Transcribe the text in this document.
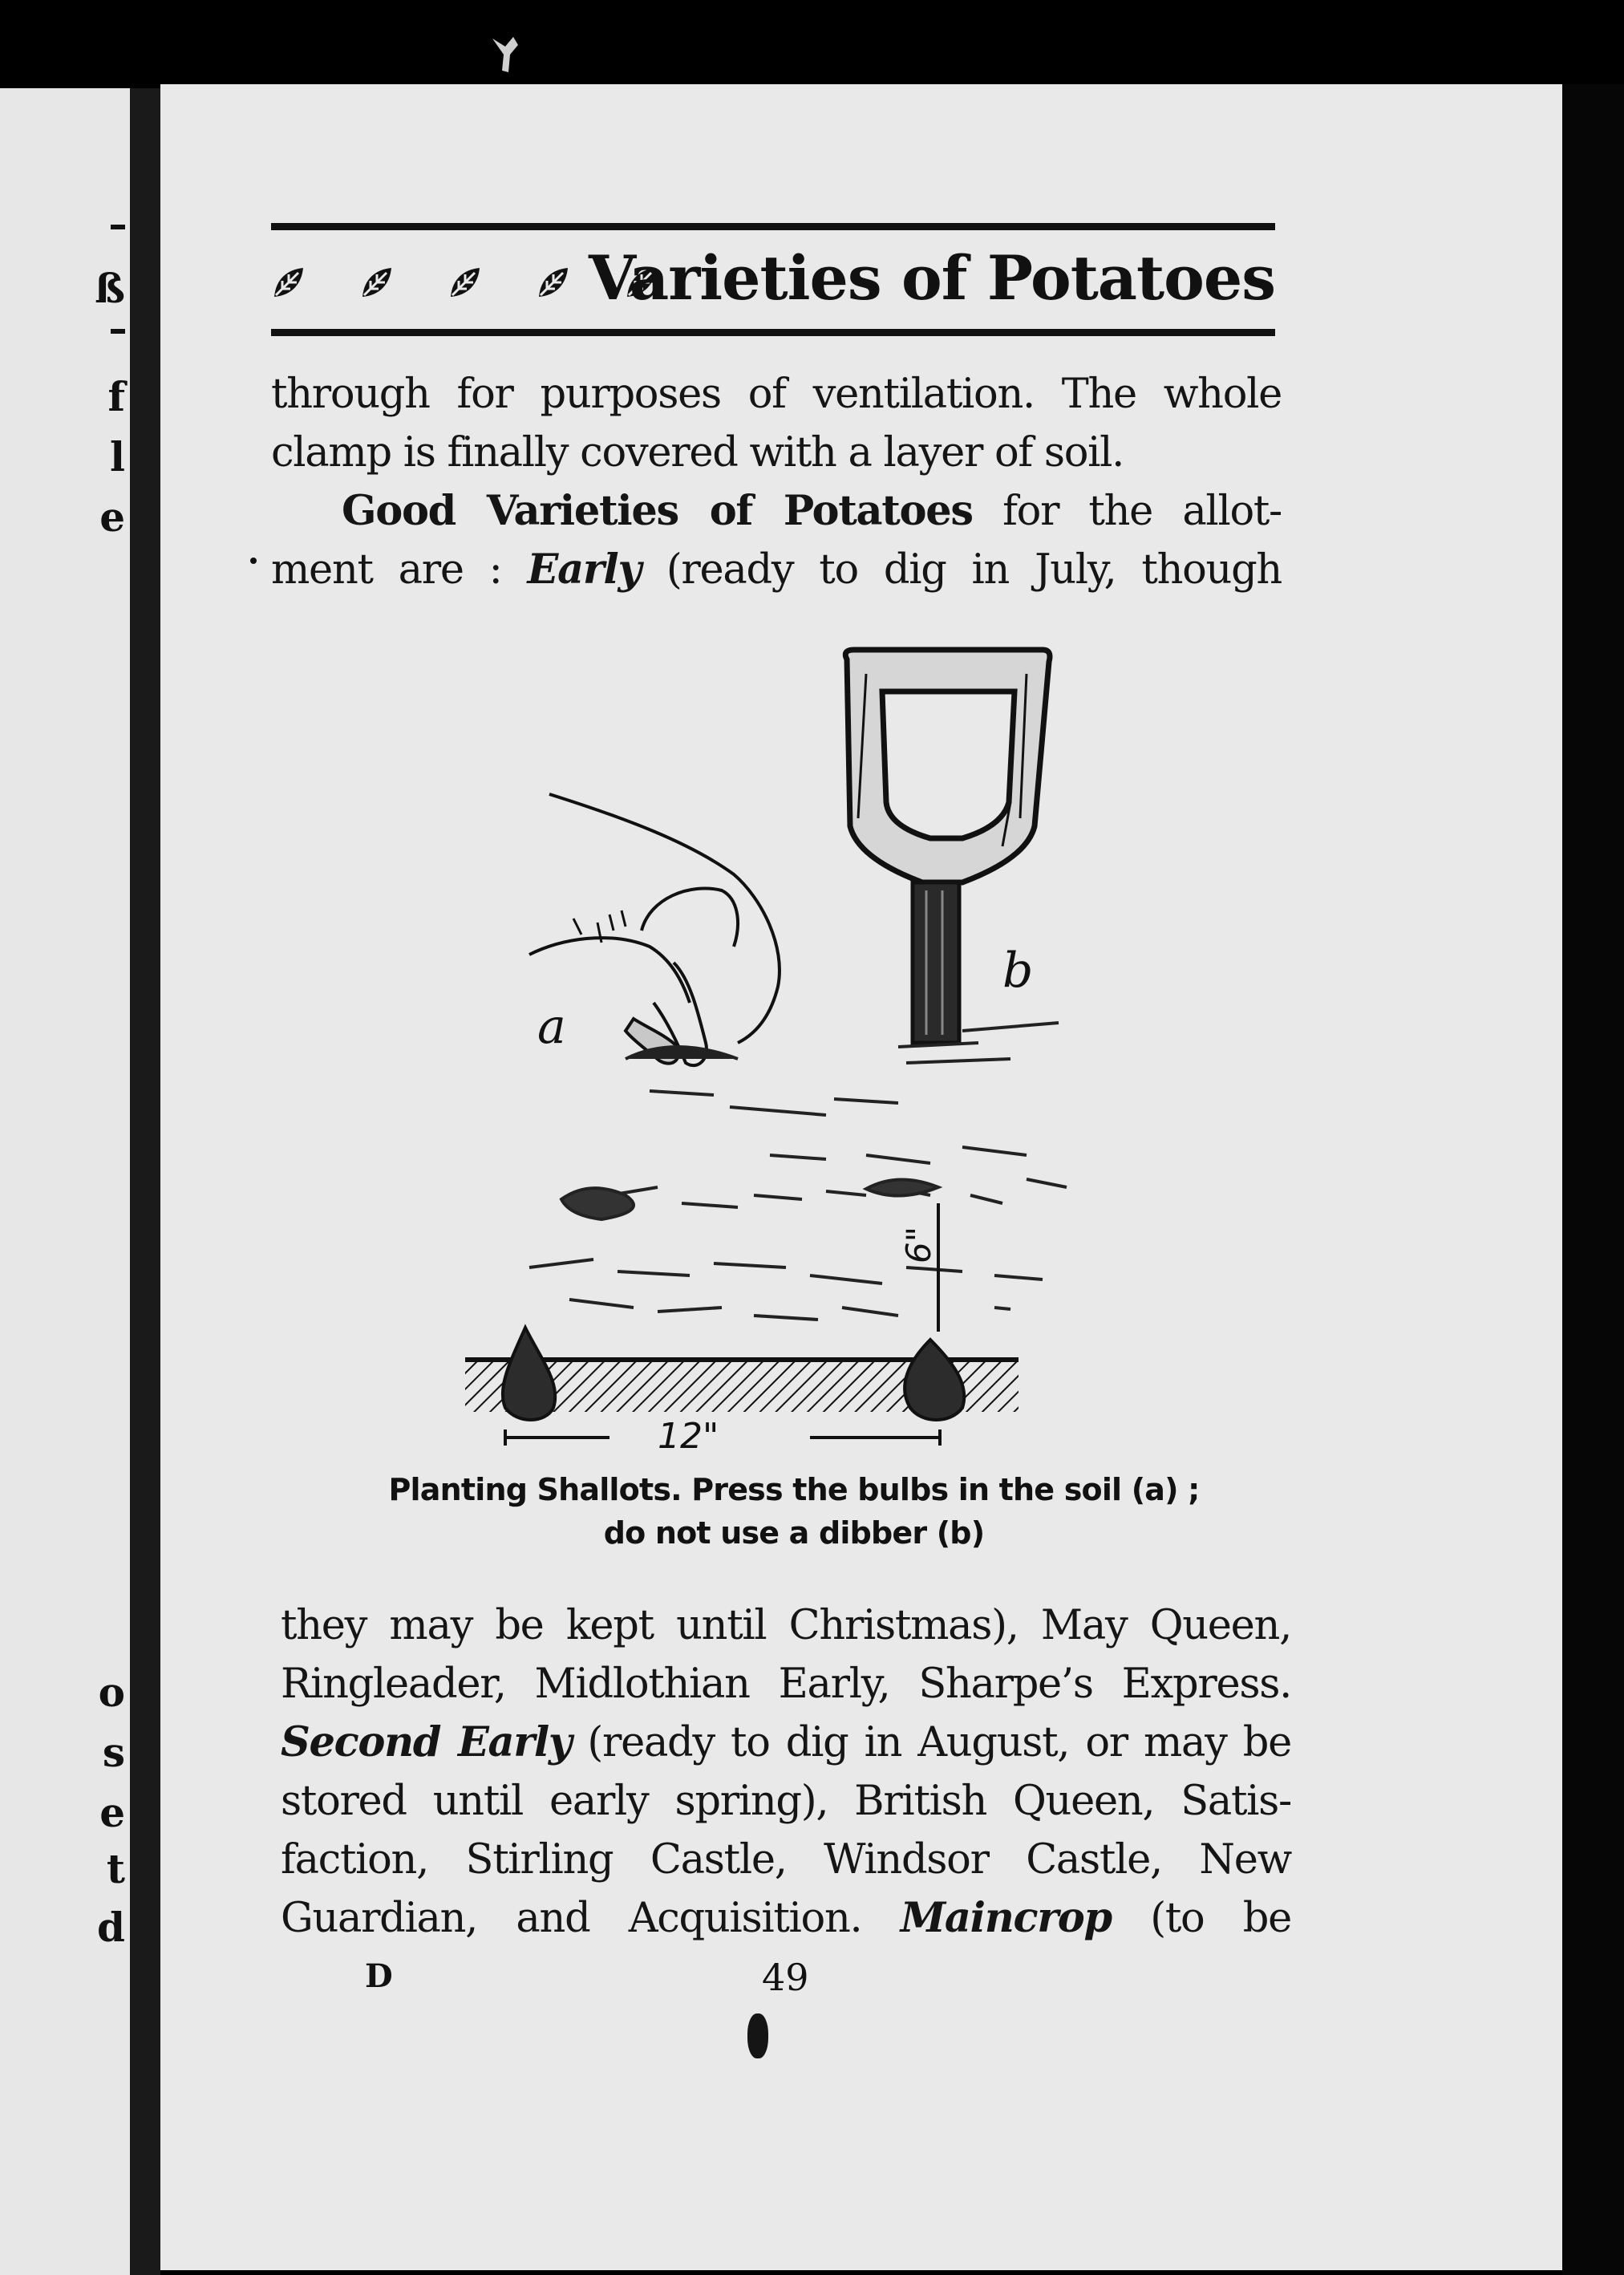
ß
f
l
e
o
s
e
t
d
Varieties of Potatoes
through for purposes of ventilation. The whole
clamp is finally covered with a layer of soil.
Good Varieties of Potatoes for the allot-
ment are : Early (ready to dig in July, though
a
b
6"
12"
Planting Shallots. Press the bulbs in the soil (a) ;
do not use a dibber (b)
they may be kept until Christmas), May Queen,
Ringleader, Midlothian Early, Sharpe’s Express.
Second Early (ready to dig in August, or may be
stored until early spring), British Queen, Satis-
faction, Stirling Castle, Windsor Castle, New
Guardian, and Acquisition. Maincrop (to be
D	49
